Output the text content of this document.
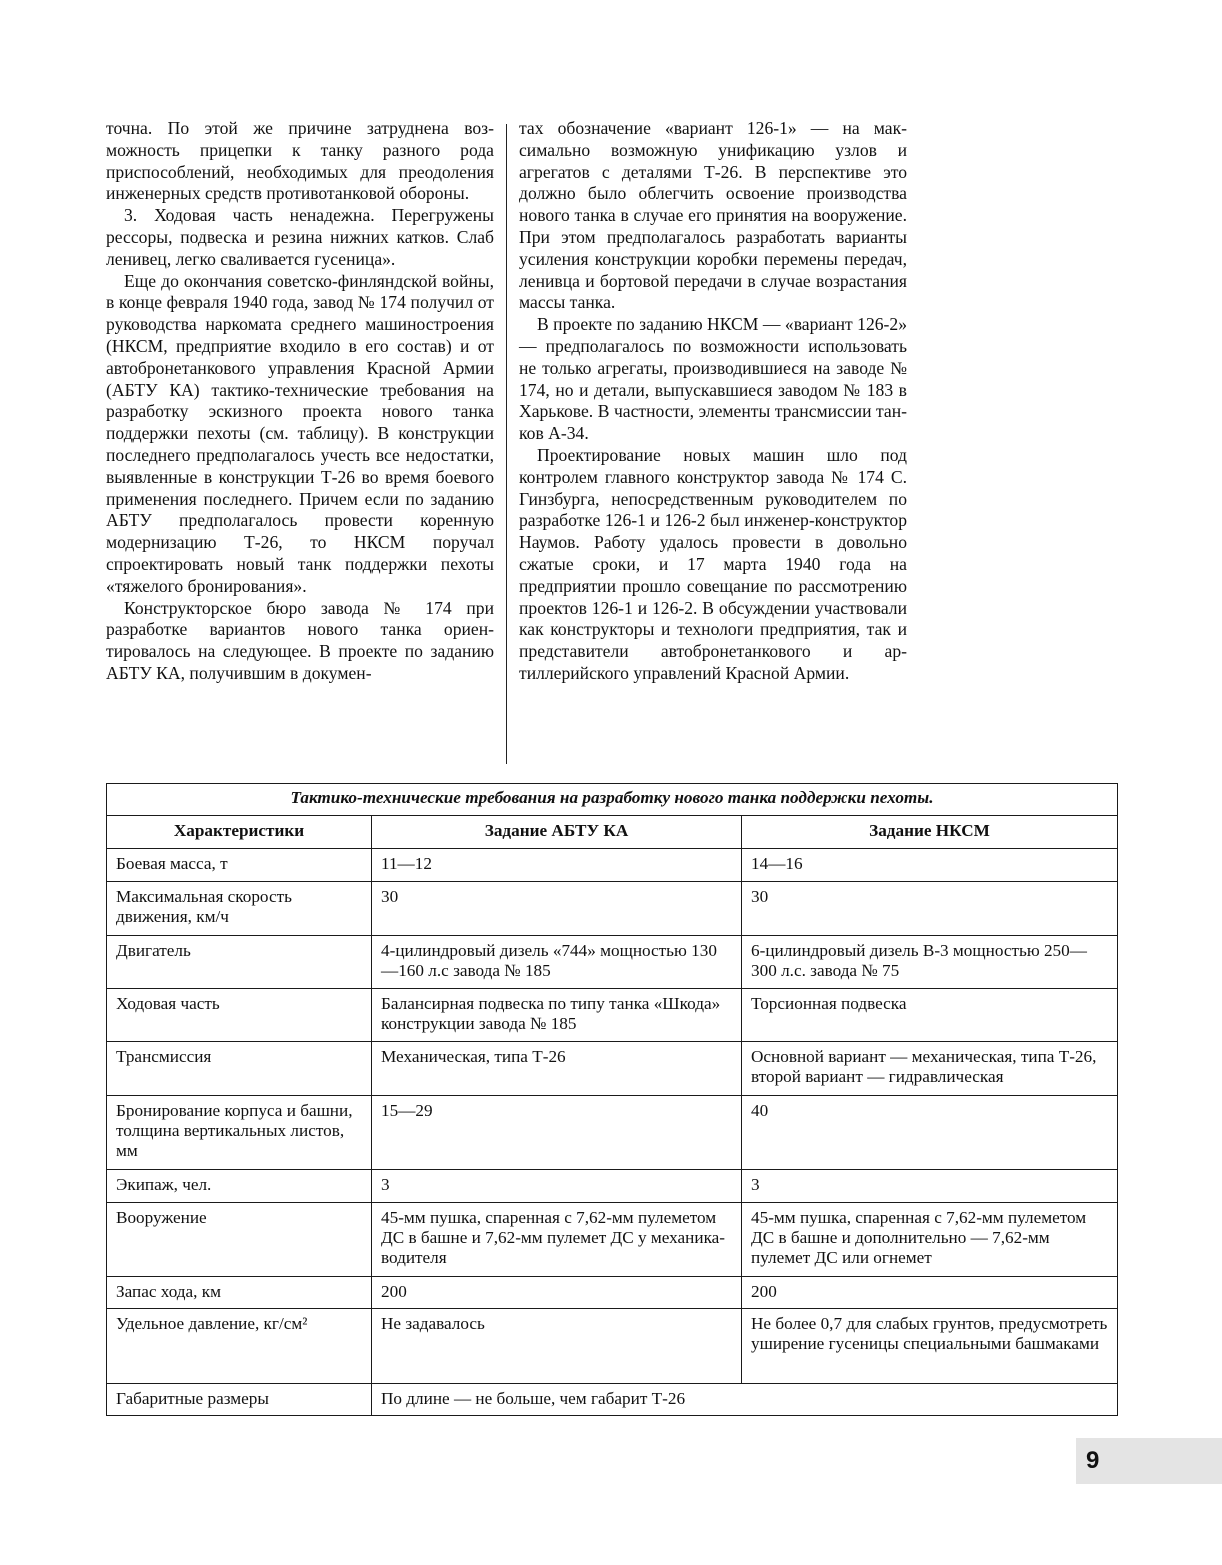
точна. По этой же причине затруднена возможность прицепки к танку разного рода приспособлений, необходимых для преодоления инженерных средств противотанковой обороны.

3. Ходовая часть ненадежна. Перегружены рессоры, подвеска и резина нижних катков. Слаб ленивец, легко сваливается гусеница».

Еще до окончания советско-финляндской войны, в конце февраля 1940 года, завод № 174 получил от руководства наркомата среднего машиностроения (НКСМ, предприятие входило в его состав) и от автобронетанкового управления Красной Армии (АБТУ КА) тактико-технические требования на разработку эскизного проекта нового танка поддержки пехоты (см. таблицу). В конструкции последнего предполагалось учесть все недостатки, выявленные в конструкции Т-26 во время боевого применения последнего. Причем если по заданию АБТУ предполагалось провести коренную модернизацию Т-26, то НКСМ поручал спроектировать новый танк поддержки пехоты «тяжелого бронирования».

Конструкторское бюро завода № 174 при разработке вариантов нового танка ориентировалось на следующее. В проекте по заданию АБТУ КА, получившим в докумен-

тах обозначение «вариант 126-1» — на максимально возможную унификацию узлов и агрегатов с деталями Т-26. В перспективе это должно было облегчить освоение производства нового танка в случае его принятия на вооружение. При этом предполагалось разработать варианты усиления конструкции коробки перемены передач, ленивца и бортовой передачи в случае возрастания массы танка.

В проекте по заданию НКСМ — «вариант 126-2» — предполагалось по возможности использовать не только агрегаты, производившиеся на заводе № 174, но и детали, выпускавшиеся заводом № 183 в Харькове. В частности, элементы трансмиссии танков А-34.

Проектирование новых машин шло под контролем главного конструктор завода № 174 С. Гинзбурга, непосредственным руководителем по разработке 126-1 и 126-2 был инженер-конструктор Наумов. Работу удалось провести в довольно сжатые сроки, и 17 марта 1940 года на предприятии прошло совещание по рассмотрению проектов 126-1 и 126-2. В обсуждении участвовали как конструкторы и технологи предприятия, так и представители автобронетанкового и артиллерийского управлений Красной Армии.

Тактико-технические требования на разработку нового танка поддержки пехоты.		
Характеристики	Задание АБТУ КА	Задание НКСМ
Боевая масса, т	11—12	14—16
Максимальная скорость движения, км/ч	30	30
Двигатель	4-цилиндровый дизель «744» мощностью 130—160 л.с завода № 185	6-цилиндровый дизель В-3 мощностью 250—300 л.с. завода № 75
Ходовая часть	Балансирная подвеска по типу танка «Шкода» конструкции завода № 185	Торсионная подвеска
Трансмиссия	Механическая, типа Т-26	Основной вариант — механическая, типа Т-26, второй вариант — гидравлическая
Бронирование корпуса и башни, толщина вертикальных листов, мм	15—29	40
Экипаж, чел.	3	3
Вооружение	45-мм пушка, спаренная с 7,62-мм пулеметом ДС в башне и 7,62-мм пулемет ДС у механика-водителя	45-мм пушка, спаренная с 7,62-мм пулеметом ДС в башне и дополнительно — 7,62-мм пулемет ДС или огнемет
Запас хода, км	200	200
Удельное давление, кг/см²	Не задавалось	Не более 0,7 для слабых грунтов, предусмотреть уширение гусеницы специальными башмаками
Габаритные размеры	По длине — не больше, чем габарит Т-26	
9
